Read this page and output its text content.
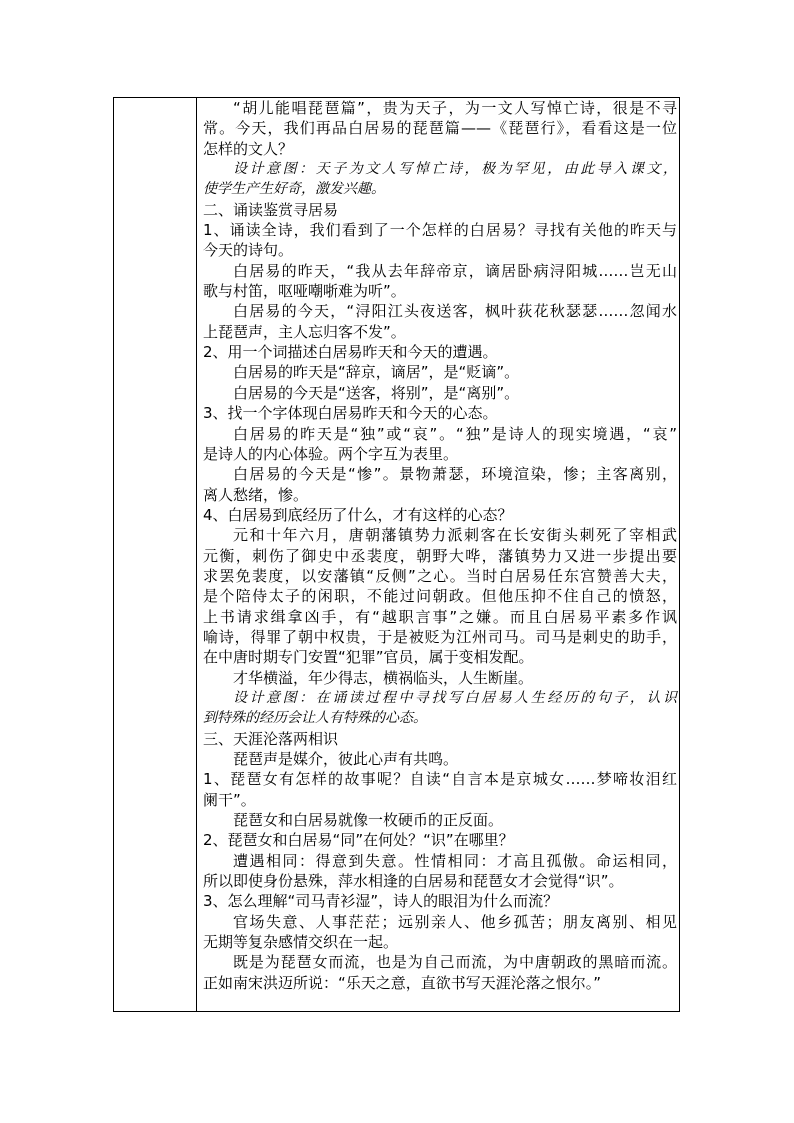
“胡儿能唱琵琶篇”，贵为天子，为一文人写悼亡诗，很是不寻
常。今天，我们再品白居易的琵琶篇——《琵琶行》，看看这是一位
怎样的文人？
设计意图：天子为文人写悼亡诗，极为罕见，由此导入课文，
使学生产生好奇，激发兴趣。
二、诵读鉴赏寻居易
1、诵读全诗，我们看到了一个怎样的白居易？寻找有关他的昨天与
今天的诗句。
白居易的昨天，“我从去年辞帝京，谪居卧病浔阳城……岂无山
歌与村笛，呕哑嘲哳难为听”。
白居易的今天，“浔阳江头夜送客，枫叶荻花秋瑟瑟……忽闻水
上琵琶声，主人忘归客不发”。
2、用一个词描述白居易昨天和今天的遭遇。
白居易的昨天是“辞京，谪居”，是“贬谪”。
白居易的今天是“送客，将别”，是“离别”。
3、找一个字体现白居易昨天和今天的心态。
白居易的昨天是“独”或“哀”。“独”是诗人的现实境遇，“哀”
是诗人的内心体验。两个字互为表里。
白居易的今天是“惨”。景物萧瑟，环境渲染，惨；主客离别，
离人愁绪，惨。
4、白居易到底经历了什么，才有这样的心态？
元和十年六月，唐朝藩镇势力派刺客在长安街头刺死了宰相武
元衡，刺伤了御史中丞裴度，朝野大哗，藩镇势力又进一步提出要
求罢免裴度，以安藩镇“反侧”之心。当时白居易任东宫赞善大夫，
是个陪侍太子的闲职，不能过问朝政。但他压抑不住自己的愤怒，
上书请求缉拿凶手，有“越职言事”之嫌。而且白居易平素多作讽
喻诗，得罪了朝中权贵，于是被贬为江州司马。司马是刺史的助手，
在中唐时期专门安置“犯罪”官员，属于变相发配。
才华横溢，年少得志，横祸临头，人生断崖。
设计意图：在诵读过程中寻找写白居易人生经历的句子，认识
到特殊的经历会让人有特殊的心态。
三、天涯沦落两相识
琵琶声是媒介，彼此心声有共鸣。
1、琵琶女有怎样的故事呢？自读“自言本是京城女……梦啼妆泪红
阑干”。
琵琶女和白居易就像一枚硬币的正反面。
2、琵琶女和白居易“同”在何处？“识”在哪里？
遭遇相同：得意到失意。性情相同：才高且孤傲。命运相同，
所以即使身份悬殊，萍水相逢的白居易和琵琶女才会觉得“识”。
3、怎么理解“司马青衫湿”，诗人的眼泪为什么而流？
官场失意、人事茫茫；远别亲人、他乡孤苦；朋友离别、相见
无期等复杂感情交织在一起。
既是为琵琶女而流，也是为自己而流，为中唐朝政的黑暗而流。
正如南宋洪迈所说：“乐天之意，直欲书写天涯沦落之恨尔。”
